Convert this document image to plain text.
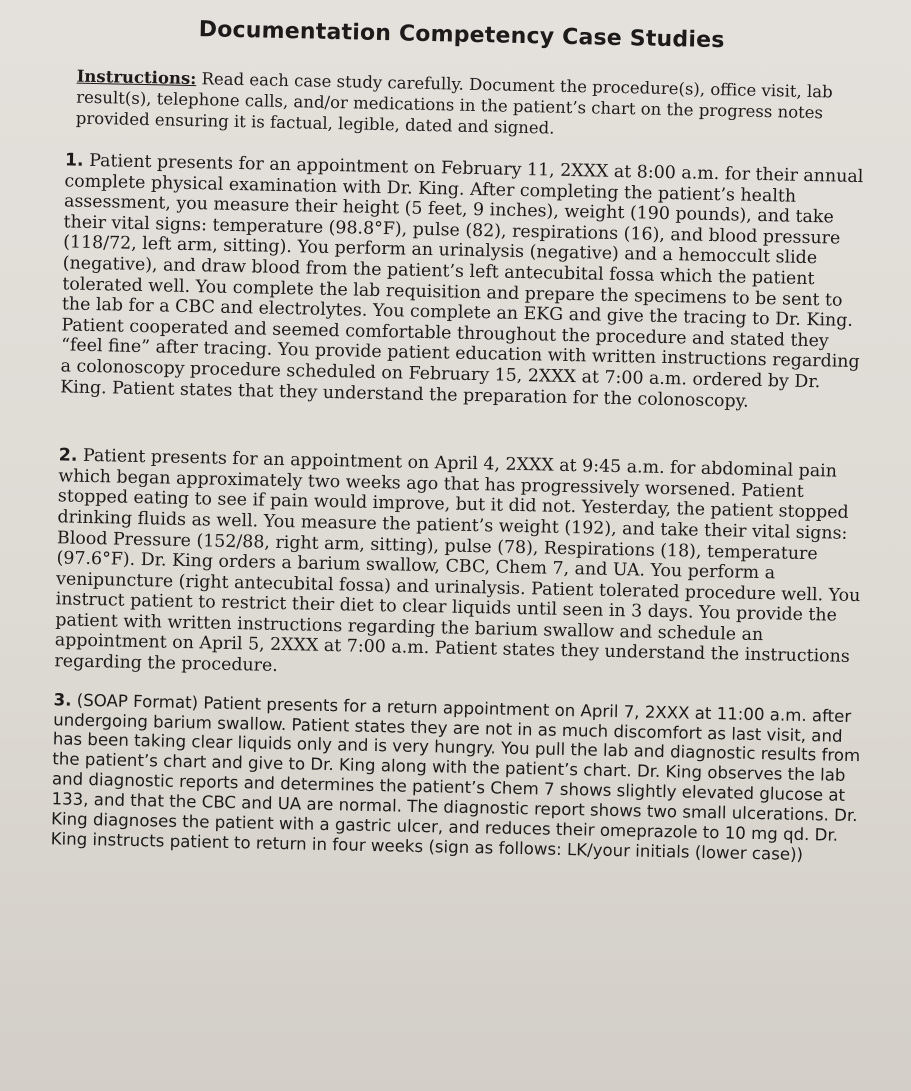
Documentation Competency Case Studies

Instructions: Read each case study carefully. Document the procedure(s), office visit, lab result(s), telephone calls, and/or medications in the patient’s chart on the progress notes provided ensuring it is factual, legible, dated and signed.

1. Patient presents for an appointment on February 11, 2XXX at 8:00 a.m. for their annual complete physical examination with Dr. King. After completing the patient’s health assessment, you measure their height (5 feet, 9 inches), weight (190 pounds), and take their vital signs: temperature (98.8°F), pulse (82), respirations (16), and blood pressure (118/72, left arm, sitting). You perform an urinalysis (negative) and a hemoccult slide (negative), and draw blood from the patient’s left antecubital fossa which the patient tolerated well. You complete the lab requisition and prepare the specimens to be sent to the lab for a CBC and electrolytes. You complete an EKG and give the tracing to Dr. King. Patient cooperated and seemed comfortable throughout the procedure and stated they “feel fine” after tracing. You provide patient education with written instructions regarding a colonoscopy procedure scheduled on February 15, 2XXX at 7:00 a.m. ordered by Dr. King. Patient states that they understand the preparation for the colonoscopy.

2. Patient presents for an appointment on April 4, 2XXX at 9:45 a.m. for abdominal pain which began approximately two weeks ago that has progressively worsened. Patient stopped eating to see if pain would improve, but it did not. Yesterday, the patient stopped drinking fluids as well. You measure the patient’s weight (192), and take their vital signs: Blood Pressure (152/88, right arm, sitting), pulse (78), Respirations (18), temperature (97.6°F). Dr. King orders a barium swallow, CBC, Chem 7, and UA. You perform a venipuncture (right antecubital fossa) and urinalysis. Patient tolerated procedure well. You instruct patient to restrict their diet to clear liquids until seen in 3 days. You provide the patient with written instructions regarding the barium swallow and schedule an appointment on April 5, 2XXX at 7:00 a.m. Patient states they understand the instructions regarding the procedure.

3. (SOAP Format) Patient presents for a return appointment on April 7, 2XXX at 11:00 a.m. after undergoing barium swallow. Patient states they are not in as much discomfort as last visit, and has been taking clear liquids only and is very hungry. You pull the lab and diagnostic results from the patient’s chart and give to Dr. King along with the patient’s chart. Dr. King observes the lab and diagnostic reports and determines the patient’s Chem 7 shows slightly elevated glucose at 133, and that the CBC and UA are normal. The diagnostic report shows two small ulcerations. Dr. King diagnoses the patient with a gastric ulcer, and reduces their omeprazole to 10 mg qd. Dr. King instructs patient to return in four weeks (sign as follows: LK/your initials (lower case))
